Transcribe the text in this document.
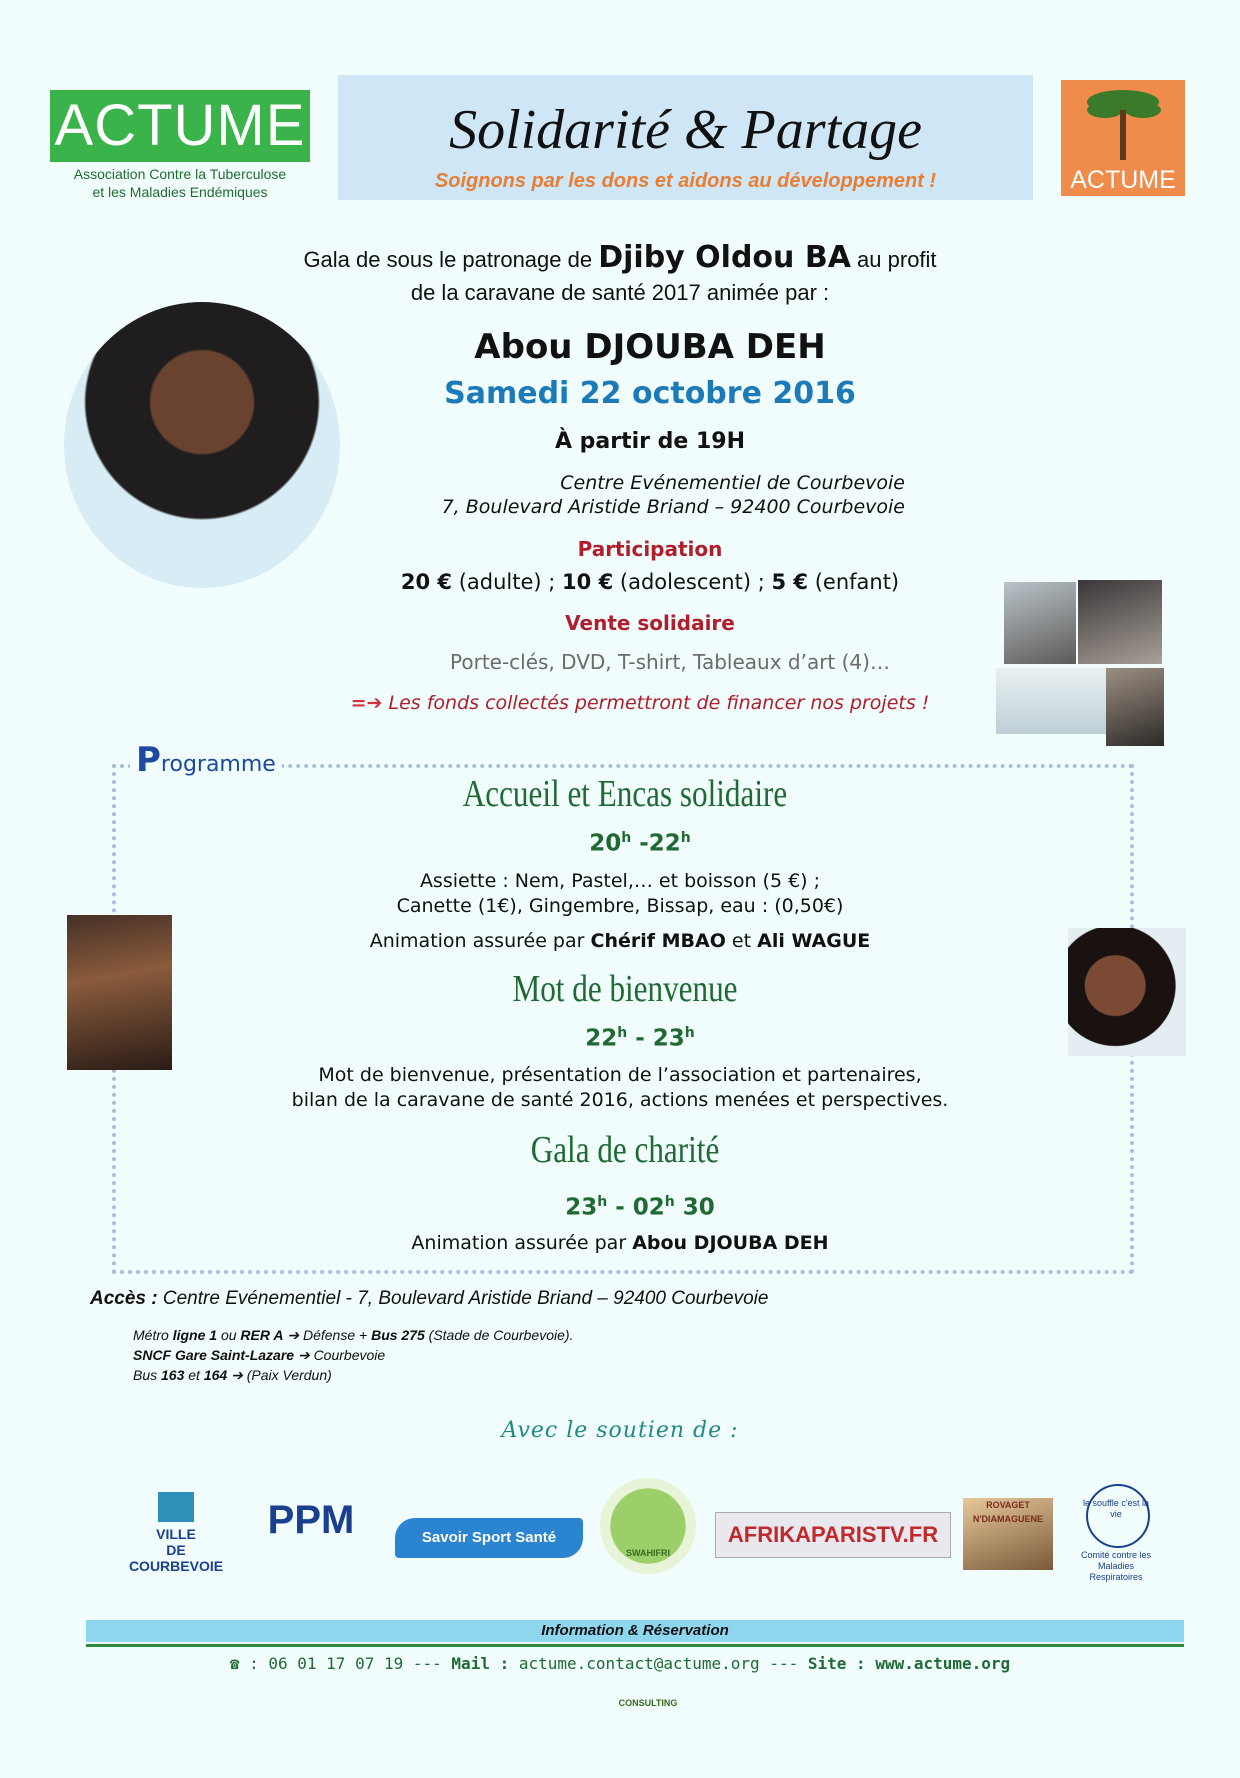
ACTUME
Association Contre la Tuberculose
et les Maladies Endémiques
Solidarité & Partage
Soignons par les dons et aidons au développement !	ACTUME
Gala de sous le patronage de Djiby Oldou BA au profit
de la caravane de santé 2017 animée par :
Abou DJOUBA DEH
Samedi 22 octobre 2016
À partir de 19H
Centre Evénementiel de Courbevoie
7, Boulevard Aristide Briand – 92400 Courbevoie
Participation
20 € (adulte) ; 10 € (adolescent) ; 5 € (enfant)
Vente solidaire
Porte-clés, DVD, T-shirt, Tableaux d’art (4)…
=➔ Les fonds collectés permettront de financer nos projets !
Programme
Accueil et Encas solidaire
20$^h$ -22$^h$
Assiette : Nem, Pastel,… et boisson (5 €) ;
Canette (1€), Gingembre, Bissap, eau : (0,50€)
Animation assurée par Chérif MBAO et Ali WAGUE
Mot de bienvenue
22$^h$ - 23$^h$
Mot de bienvenue, présentation de l’association et partenaires,
bilan de la caravane de santé 2016, actions menées et perspectives.
Gala de charité
23$^h$ - 02$^h$ 30
Animation assurée par Abou DJOUBA DEH
Accès : Centre Evénementiel - 7, Boulevard Aristide Briand – 92400 Courbevoie
Métro ligne 1 ou RER A ➔ Défense + Bus 275 (Stade de Courbevoie).
SNCF Gare Saint-Lazare ➔ Courbevoie
Bus 163 et 164 ➔ (Paix Verdun)
Avec le soutien de :
VILLE
DE
COURBEVOIE
PPM	Savoir Sport Santé
SWAHIFRI CONSULTING
AFRIKAPARISTV.FR
ROVAGET N'DIAMAGUENE
le souffle c'est la vie
Comité contre les Maladies Respiratoires
Information & Réservation
☎ : 06 01 17 07 19 --- Mail : actume.contact@actume.org --- Site : www.actume.org
